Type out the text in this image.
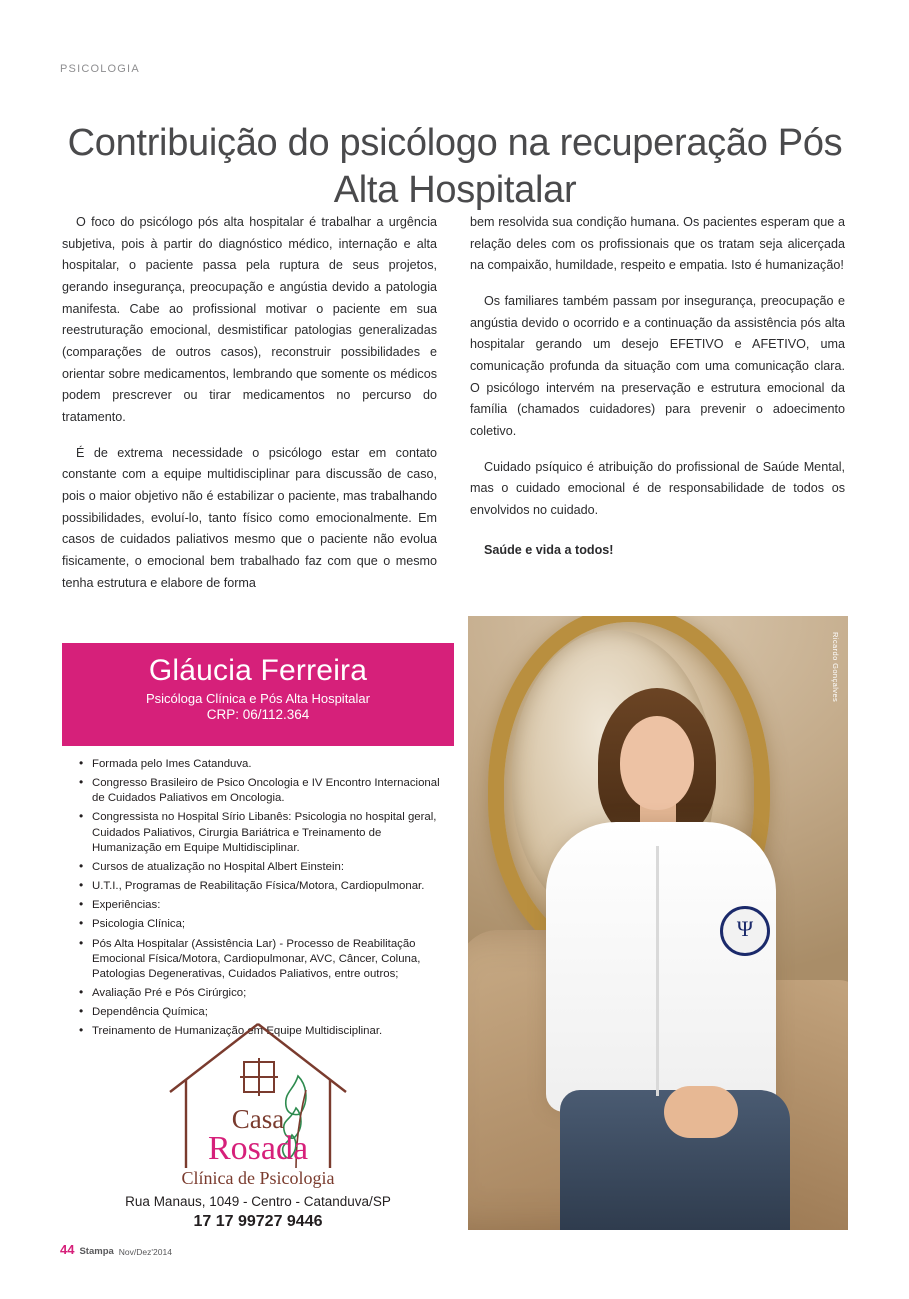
PSICOLOGIA
Contribuição do psicólogo na recuperação Pós Alta Hospitalar

O foco do psicólogo pós alta hospitalar é trabalhar a urgência subjetiva, pois à partir do diagnóstico médico, internação e alta hospitalar, o paciente passa pela ruptura de seus projetos, gerando insegurança, preocupação e angústia devido a patologia manifesta. Cabe ao profissional motivar o paciente em sua reestruturação emocional, desmistificar patologias generalizadas (comparações de outros casos), reconstruir possibilidades e orientar sobre medicamentos, lembrando que somente os médicos podem prescrever ou tirar medicamentos no percurso do tratamento.

É de extrema necessidade o psicólogo estar em contato constante com a equipe multidisciplinar para discussão de caso, pois o maior objetivo não é estabilizar o paciente, mas trabalhando possibilidades, evoluí-lo, tanto físico como emocionalmente. Em casos de cuidados paliativos mesmo que o paciente não evolua fisicamente, o emocional bem trabalhado faz com que o mesmo tenha estrutura e elabore de forma

bem resolvida sua condição humana. Os pacientes esperam que a relação deles com os profissionais que os tratam seja alicerçada na compaixão, humildade, respeito e empatia. Isto é humanização!

Os familiares também passam por insegurança, preocupação e angústia devido o ocorrido e a continuação da assistência pós alta hospitalar gerando um desejo EFETIVO e AFETIVO, uma comunicação profunda da situação com uma comunicação clara. O psicólogo intervém na preservação e estrutura emocional da família (chamados cuidadores) para prevenir o adoecimento coletivo.

Cuidado psíquico é atribuição do profissional de Saúde Mental, mas o cuidado emocional é de responsabilidade de todos os envolvidos no cuidado.

Saúde e vida a todos!

Gláucia Ferreira
Psicóloga Clínica e Pós Alta Hospitalar
CRP: 06/112.364
• Formada pelo Imes Catanduva.
• Congresso Brasileiro de Psico Oncologia e IV Encontro Internacional de Cuidados Paliativos em Oncologia.
• Congressista no Hospital Sírio Libanês: Psicologia no hospital geral, Cuidados Paliativos, Cirurgia Bariátrica e Treinamento de Humanização em Equipe Multidisciplinar.
• Cursos de atualização no Hospital Albert Einstein:
• U.T.I., Programas de Reabilitação Física/Motora, Cardiopulmonar.
• Experiências:
• Psicologia Clínica;
• Pós Alta Hospitalar (Assistência Lar) - Processo de Reabilitação Emocional Física/Motora, Cardiopulmonar, AVC, Câncer, Coluna, Patologias Degenerativas, Cuidados Paliativos, entre outros;
• Avaliação Pré e Pós Cirúrgico;
• Dependência Química;
• Treinamento de Humanização em Equipe Multidisciplinar.
Casa
Rosada
Clínica de Psicologia
Rua Manaus, 1049 - Centro - Catanduva/SP
17 17 99727 9446
Ψ
Ricardo Gonçalves
44 Stampa Nov/Dez'2014
